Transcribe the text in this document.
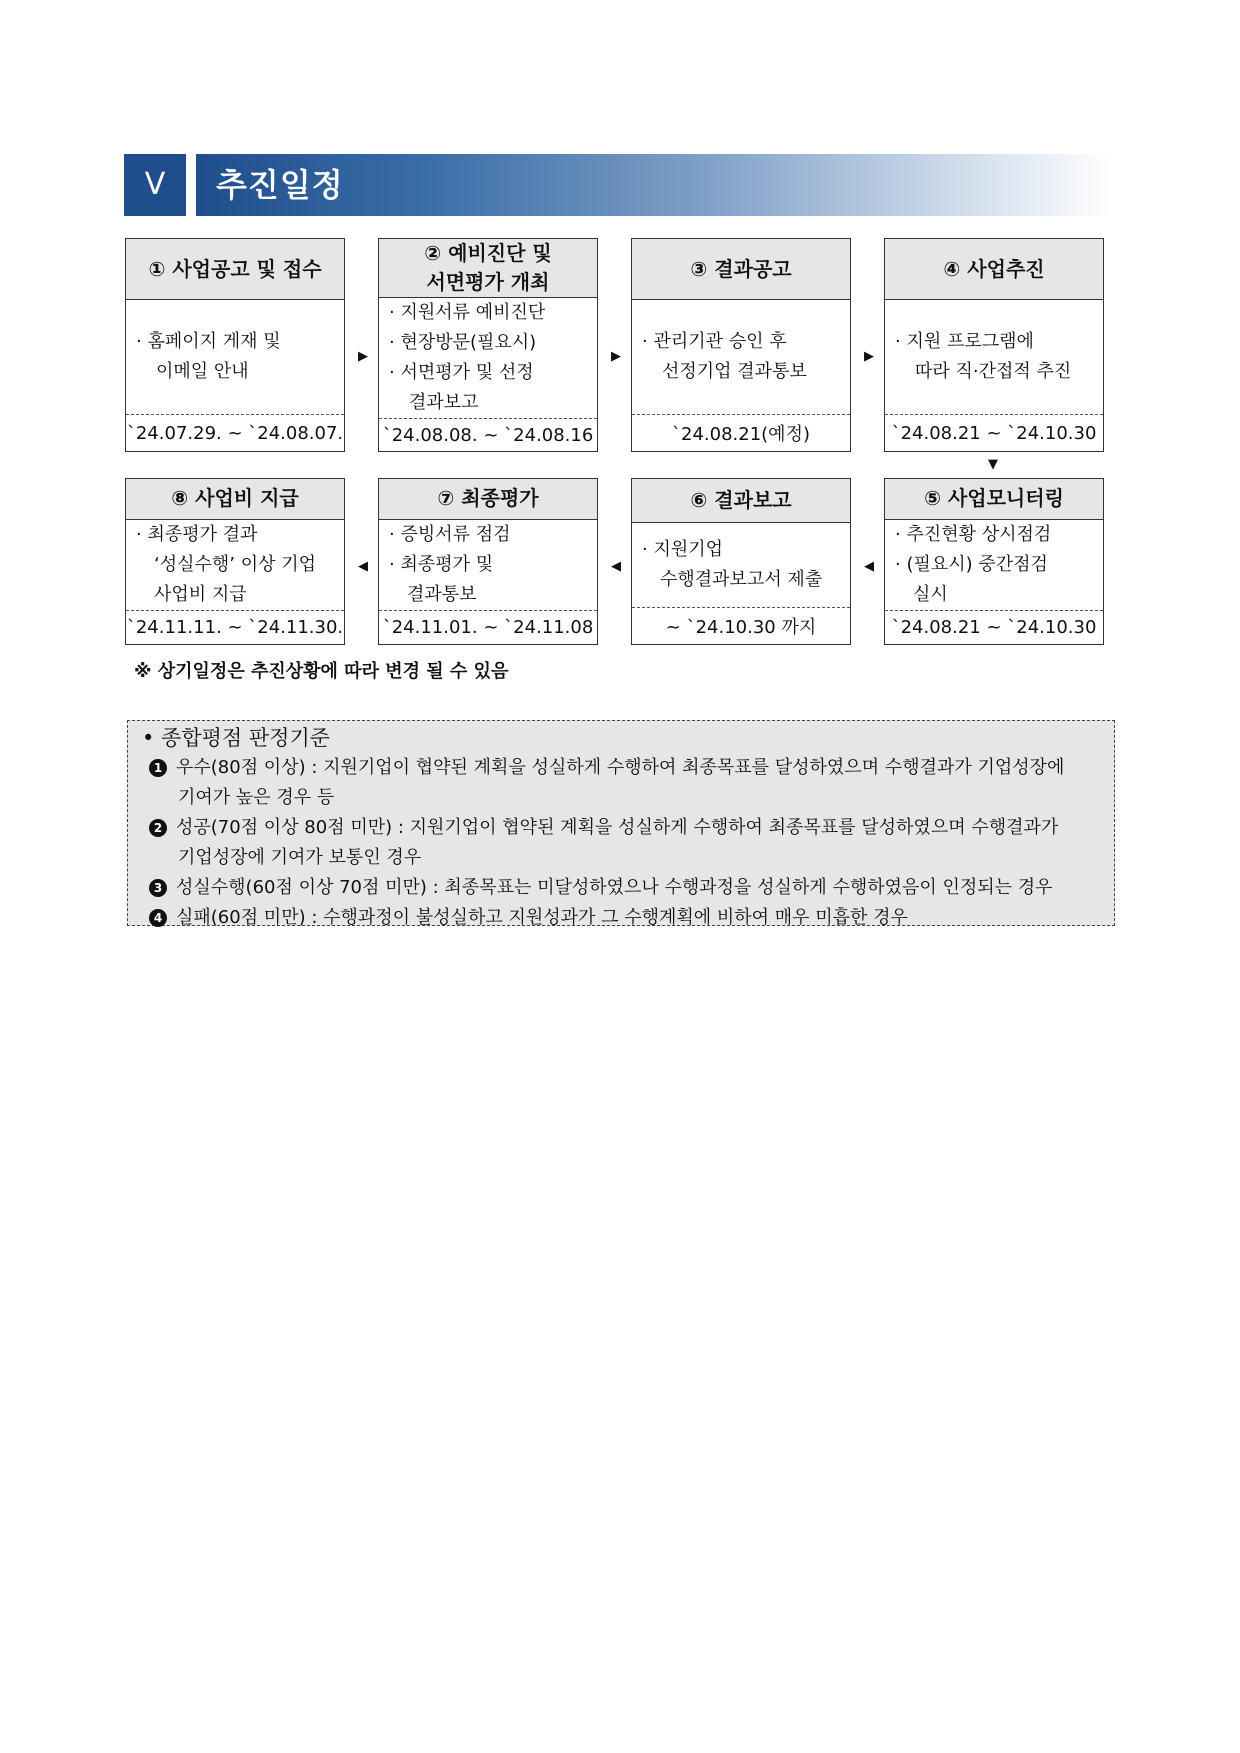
Ⅴ	추진일정
① 사업공고 및 접수
· 홈페이지 게재 및
이메일 안내
`24.07.29. ~ `24.08.07.
▶
② 예비진단 및
서면평가 개최
· 지원서류 예비진단
· 현장방문(필요시)
· 서면평가 및 선정
결과보고
`24.08.08. ~ `24.08.16
▶
③ 결과공고
· 관리기관 승인 후
선정기업 결과통보
`24.08.21(예정)
▶
④ 사업추진
· 지원 프로그램에
따라 직·간접적 추진
`24.08.21 ~ `24.10.30
▼
⑧ 사업비 지급
· 최종평가 결과
‘성실수행’ 이상 기업
사업비 지급
`24.11.11. ~ `24.11.30.
◀
⑦ 최종평가
· 증빙서류 점검
· 최종평가 및
결과통보
`24.11.01. ~ `24.11.08
◀
⑥ 결과보고
· 지원기업
수행결과보고서 제출
~ `24.10.30 까지
◀
⑤ 사업모니터링
· 추진현황 상시점검
· (필요시) 중간점검
실시
`24.08.21 ~ `24.10.30
※ 상기일정은 추진상황에 따라 변경 될 수 있음
• 종합평점 판정기준
1 우수(80점 이상) : 지원기업이 협약된 계획을 성실하게 수행하여 최종목표를 달성하였으며 수행결과가 기업성장에
기여가 높은 경우 등
2 성공(70점 이상 80점 미만) : 지원기업이 협약된 계획을 성실하게 수행하여 최종목표를 달성하였으며 수행결과가
기업성장에 기여가 보통인 경우
3 성실수행(60점 이상 70점 미만) : 최종목표는 미달성하였으나 수행과정을 성실하게 수행하였음이 인정되는 경우
4 실패(60점 미만) : 수행과정이 불성실하고 지원성과가 그 수행계획에 비하여 매우 미흡한 경우
